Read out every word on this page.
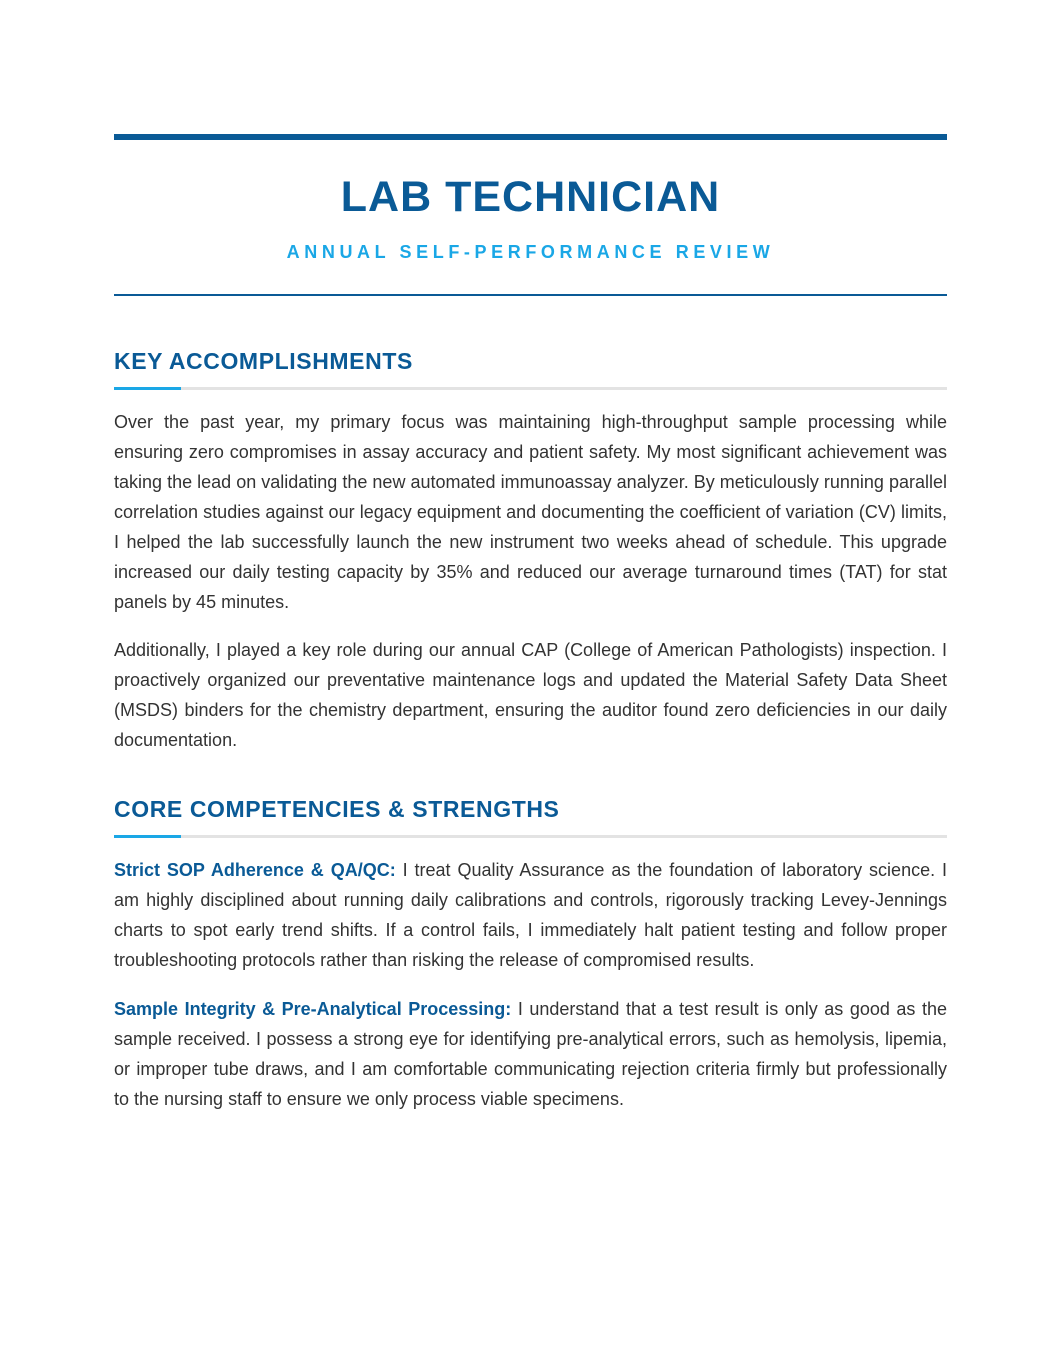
LAB TECHNICIAN
ANNUAL SELF-PERFORMANCE REVIEW
KEY ACCOMPLISHMENTS

Over the past year, my primary focus was maintaining high-throughput sample processing while ensuring zero compromises in assay accuracy and patient safety. My most significant achievement was taking the lead on validating the new automated immunoassay analyzer. By meticulously running parallel correlation studies against our legacy equipment and documenting the coefficient of variation (CV) limits, I helped the lab successfully launch the new instrument two weeks ahead of schedule. This upgrade increased our daily testing capacity by 35% and reduced our average turnaround times (TAT) for stat panels by 45 minutes.

Additionally, I played a key role during our annual CAP (College of American Pathologists) inspection. I proactively organized our preventative maintenance logs and updated the Material Safety Data Sheet (MSDS) binders for the chemistry department, ensuring the auditor found zero deficiencies in our daily documentation.

CORE COMPETENCIES & STRENGTHS

Strict SOP Adherence & QA/QC: I treat Quality Assurance as the foundation of laboratory science. I am highly disciplined about running daily calibrations and controls, rigorously tracking Levey-Jennings charts to spot early trend shifts. If a control fails, I immediately halt patient testing and follow proper troubleshooting protocols rather than risking the release of compromised results.

Sample Integrity & Pre-Analytical Processing: I understand that a test result is only as good as the sample received. I possess a strong eye for identifying pre-analytical errors, such as hemolysis, lipemia, or improper tube draws, and I am comfortable communicating rejection criteria firmly but professionally to the nursing staff to ensure we only process viable specimens.
